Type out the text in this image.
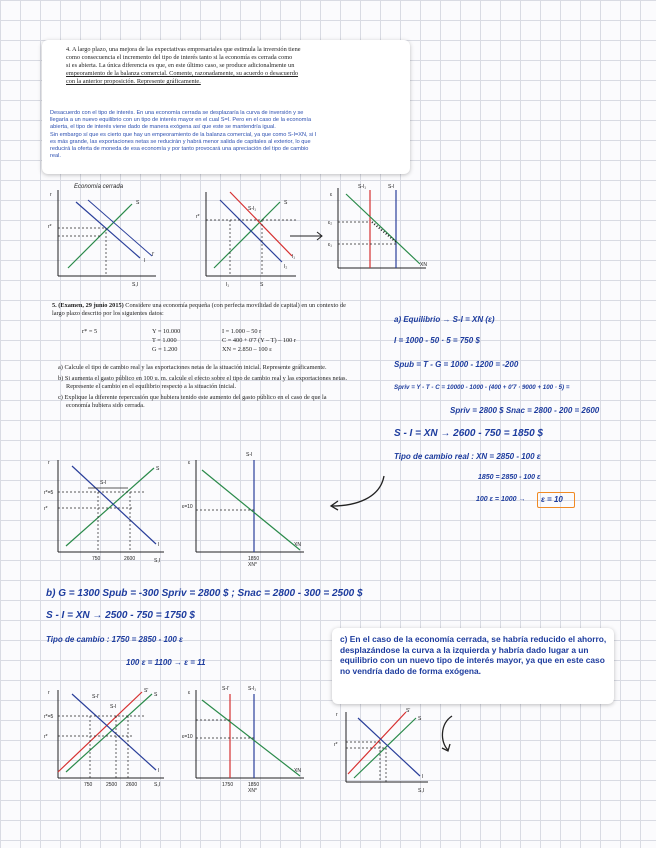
4. A largo plazo, una mejora de las expectativas empresariales que estimula la inversión tiene
como consecuencia el incremento del tipo de interés tanto si la economía es cerrada como
si es abierta. La única diferencia es que, en este último caso, se produce adicionalmente un
empeoramiento de la balanza comercial. Comente, razonadamente, su acuerdo o desacuerdo
con la anterior proposición. Represente gráficamente.
Desacuerdo con el tipo de interés. En una economía cerrada se desplazaría la curva de inversión y se
llegaría a un nuevo equilibrio con un tipo de interés mayor en el cual S=I. Pero en el caso de la economía
abierta, el tipo de interés viene dado de manera exógena así que este se mantendría igual.
Sin embargo sí que es cierto que hay un empeoramiento de la balanza comercial, ya que como S-I=XN, si I
es más grande, las exportaciones netas se reducirán y habrá menor salida de capitales al exterior, lo que
reducirá la oferta de moneda de esa economía y por tanto provocará una apreciación del tipo de cambio
real.
Economía cerrada
r
S,I
S
I
I'
r*
r*
S
I₂
I₁
S-I₁
I₁	S
ε
XN
S-I₁	S-I
ε₂
ε₁
5. (Examen, 29 junio 2015) Considere una economía pequeña (con perfecta movilidad de capital) en un contexto de largo plazo descrito por los siguientes datos:
r* = 5	Y = 10.000	I = 1.000 – 50 r
T = 1.000	C = 400 + 0'7 (Y – T) – 100 r
G = 1.200	XN = 2.850 – 100 ε
a) Calcule el tipo de cambio real y las exportaciones netas de la situación inicial. Represente gráficamente.
b) Si aumenta el gasto público en 100 u. m. calcule el efecto sobre el tipo de cambio real y las exportaciones netas. Represente el cambio en el equilibrio respecto a la situación inicial.
c) Explique la diferente repercusión que hubiera tenido este aumento del gasto público en el caso de que la economía hubiera sido cerrada.
a) Equilibrio → S-I = XN (ε)
I = 1000 - 50 · 5 = 750 $
Spub = T - G = 1000 - 1200 = -200
Spriv = Y - T - C = 10000 - 1000 - (400 + 0'7 · 9000 + 100 · 5) =
Spriv = 2800 $ Snac = 2800 - 200 = 2600
S - I = XN → 2600 - 750 = 1850 $
Tipo de cambio real : XN = 2850 - 100 ε
1850 = 2850 - 100 ε
100 ε = 1000 → ε = 10
r
S,I
S
I
S-I
r*=5
r*
750	2600
ε
XN
S-I
ε=10
1850
XN*
b) G = 1300 Spub = -300 Spriv = 2800 $ ; Snac = 2800 - 300 = 2500 $
S - I = XN → 2500 - 750 = 1750 $
Tipo de cambio : 1750 = 2850 - 100 ε
100 ε = 1100 → ε = 11
c) En el caso de la economía cerrada, se habría reducido el ahorro, desplazándose la curva a la izquierda y habría dado lugar a un equilibrio con un nuevo tipo de interés mayor, ya que en este caso no vendría dado de forma exógena.
r
S,I
S
S'
I
S-I'
S-I
r*=5
r*
750	2500 2600
ε
XN
S-I'	S-I₁
ε=10
1750	1850
XN*
r
S,I
S
S'
I
r*
